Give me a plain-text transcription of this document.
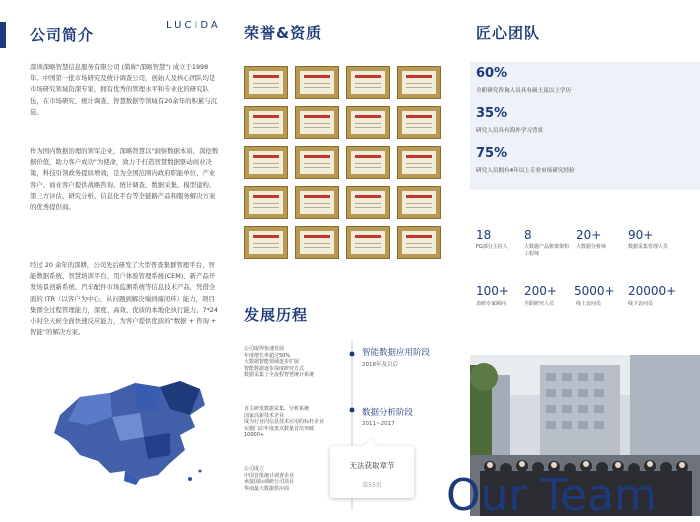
公司简介
LUCIDA

深圳深略智慧信息服务有限公司 (简称"深略智慧") 成立于1998年。中国第一批市场研究及统计调查公司，创始人及核心团队均是市场研究领域资深专家，拥有优秀的管理水平和专业化的研究队伍，在市场研究、统计调查、智慧数据等领域有20余年的积累与沉淀。

作为国内数据治理的领军企业，深略智慧以"洞察数据本质，深挖数据价值，助力客户成功"为使命，致力于打造智慧数据驱动商业决策，科技引领政务提质增效，是为全国范围内政府职能单位、产业客户、商业客户提供战略咨询、统计调查、数据采集、模型建构、第三方评估、研究分析、信息化平台等全链路产品和服务解决方案的优秀提供商。

经过 20 余年的深耕，公司先后研发了大型普查集群管理平台、智能数据系统、智慧培训平台、用户体验管理系统(CEM)、新产品开发场景创新系统、汽车配件市场监测系统等信息技术产品，凭借全面的 ITR（以客户为中心，从问题到解决端到端闭环）能力，项目集群全过程管理能力，深度、高效、优质的本地化执行能力、7*24 小时全天候全面快速反应能力，为客户提供优质的“数据 + 咨询 + 智能”的解决方案。

荣誉&资质
发展历程
公司取得快速发展
年度增长率超过50%
大数据智能领域逐步扩展
智能数据逐步深度研究方式
数据采集了全流程智慧统计系统
智能数据应用阶段
2018年及以后
自主研发数据采集、分析系统
国家高新技术企业
成为行业内信息技术应用的标杆企业
实施门店年度盘点数量首次突破10000+
数据分析阶段
2011~2017
公司成立
中国首批统计调查企业
承接国际调研公司项目
华南最大数据供应商
无法获取章节
第55页
匠心团队
60%
全职研究咨询人员具有硕士及以上学历
35%
研究人员具有海外学习背景
75%
研究人员拥有4年以上专业市场研究经验
18
FG部分主持人
8
大数据产品框架架构工程师
20+
大数据分析师
90+
数据采集管理人员
100+
表研专家顾问
200+
全职研究人员
5000+
线上访问员
20000+
线下访问员
Our Team
